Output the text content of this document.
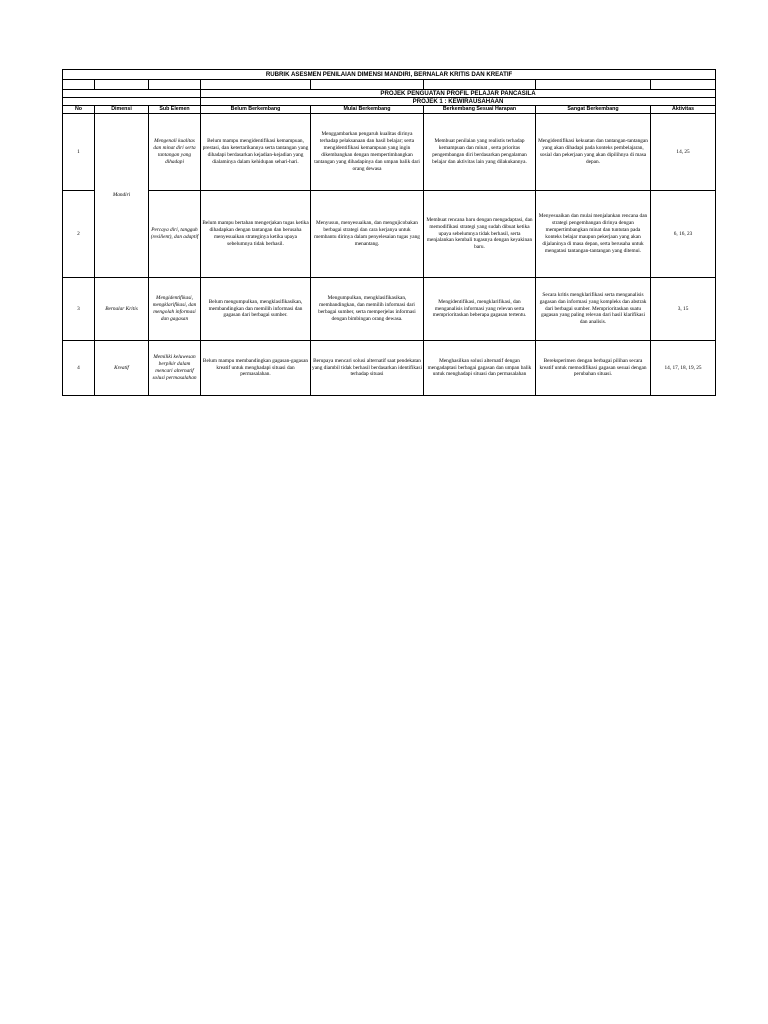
RUBRIK ASESMEN PENILAIAN DIMENSI MANDIRI, BERNALAR KRITIS DAN KREATIF							

			PROJEK PENGUATAN PROFIL PELAJAR PANCASILA				
			PROJEK 1 : KEWIRAUSAHAAN				
No	Dimensi	Sub Elemen	Belum Berkembang	Mulai Berkembang	Berkembang Sesuai Harapan	Sangat Berkembang	Aktivitas
1	Mandiri	Mengenali kualitas dan minat diri serta tantangan yang dihadapi	Belum mampu mengidentifikasi kemampuan, prestasi, dan ketertarikannya serta tantangan yang dihadapi berdasarkan kejadian-kejadian yang dialaminya dalam kehidupan sehari-hari.	Menggambarkan pengaruh kualitas dirinya terhadap pelaksanaan dan hasil belajar; serta mengidentifikasi kemampuan yang ingin dikembangkan dengan mempertimbangkan tantangan yang dihadapinya dan umpan balik dari orang dewasa	Membuat penilaian yang realistis terhadap kemampuan dan minat , serta prioritas pengembangan diri berdasarkan pengalaman belajar dan aktivitas lain yang dilakukannya.	Mengidentifikasi kekuatan dan tantangan-tantangan yang akan dihadapi pada konteks pembelajaran, sosial dan pekerjaan yang akan dipilihnya di masa depan.	14, 25
2		Percaya diri, tangguh (resilient), dan adaptif	Belum mampu bertahan mengerjakan tugas ketika dihadapkan dengan tantangan dan berusaha menyesuaikan strateginya ketika upaya sebelumnya tidak berhasil.	Menyusun, menyesuaikan, dan mengujicobakan berbagai strategi dan cara kerjanya untuk membantu dirinya dalam penyelesaian tugas yang menantang.	Membuat rencana baru dengan mengadaptasi, dan memodifikasi strategi yang sudah dibuat ketika upaya sebelumnya tidak berhasil, serta menjalankan kembali tugasnya dengan keyakinan baru.	Menyesuaikan dan mulai menjalankan rencana dan strategi pengembangan dirinya dengan mempertimbangkan minat dan tuntutan pada konteks belajar maupun pekerjaan yang akan dijalaninya di masa depan, serta berusaha untuk mengatasi tantangan-tantangan yang ditemui.	6, 16, 23
3	Bernalar Kritis	Mengidentifikasi, mengklarifikasi, dan mengolah informasi dan gagasan	Belum mengumpulkan, mengklasifikasikan, membandingkan dan memilih informasi dan gagasan dari berbagai sumber.	Mengumpulkan, mengklasifikasikan, membandingkan, dan memilih informasi dari berbagai sumber, serta memperjelas informasi dengan bimbingan orang dewasa.	Mengidentifikasi, mengklarifikasi, dan menganalisis informasi yang relevan serta memprioritaskan beberapa gagasan tertentu.	Secara kritis mengklarifikasi serta menganalisis gagasan dan informasi yang kompleks dan abstrak dari berbagai sumber. Memprioritaskan suatu gagasan yang paling relevan dari hasil klarifikasi dan analisis.	3, 15
4	Kreatif	Memiliki keluwesan berpikir dalam mencari alternatif solusi permasalahan	Belum mampu membandingkan gagasan-gagasan kreatif untuk menghadapi situasi dan permasalahan.	Berupaya mencari solusi alternatif saat pendekatan yang diambil tidak berhasil berdasarkan identifikasi terhadap situasi	Menghasilkan solusi alternatif dengan mengadaptasi berbagai gagasan dan umpan balik untuk menghadapi situasi dan permasalahan	Bereksperimen dengan berbagai pilihan secara kreatif untuk memodifikasi gagasan sesuai dengan perubahan situasi.	14, 17, 18, 19, 25
